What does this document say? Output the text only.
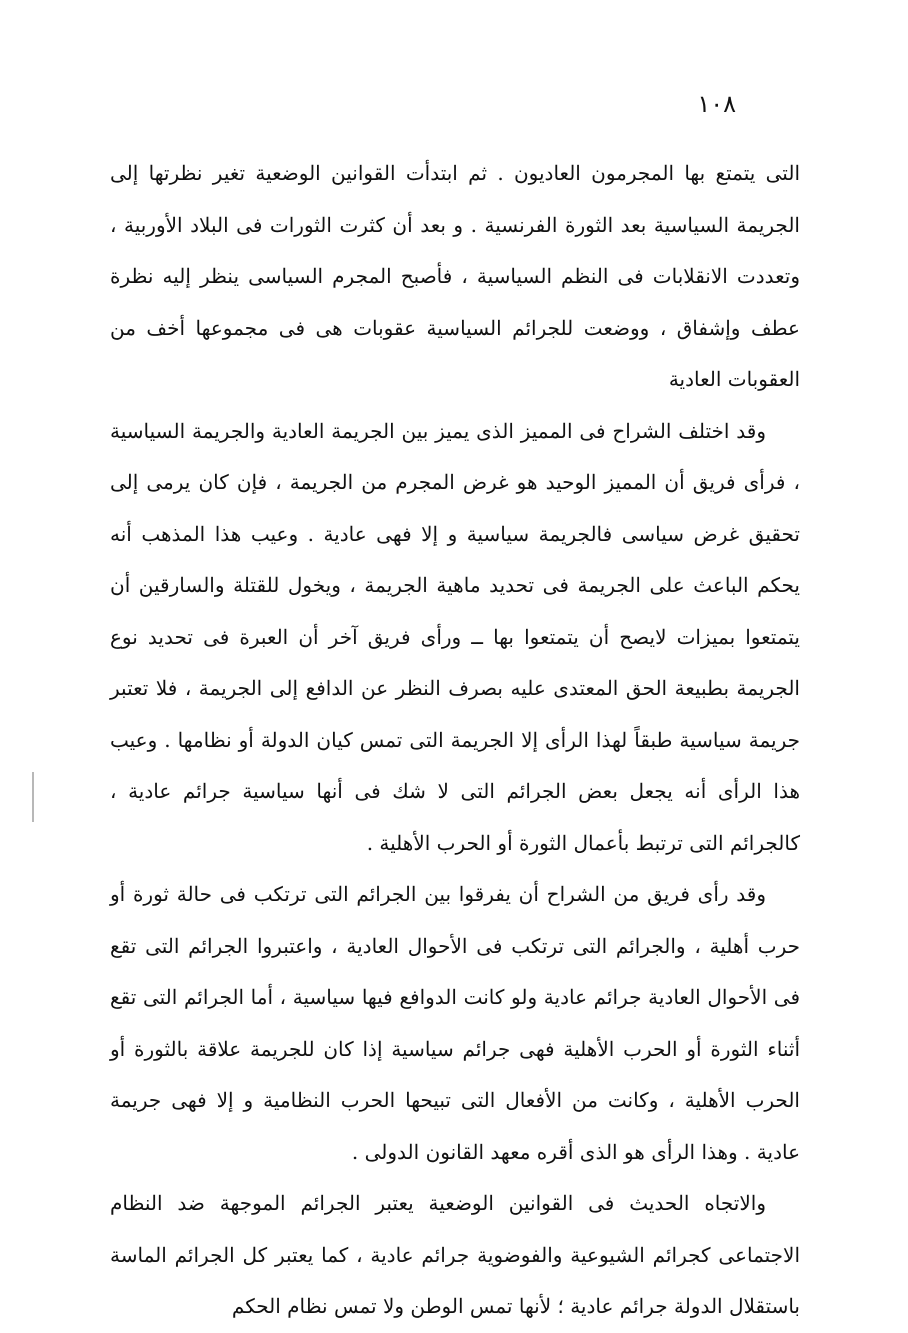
١٠٨

التى يتمتع بها المجرمون العاديون . ثم ابتدأت القوانين الوضعية تغير نظرتها إلى الجريمة السياسية بعد الثورة الفرنسية . و بعد أن كثرت الثورات فى البلاد الأوربية ، وتعددت الانقلابات فى النظم السياسية ، فأصبح المجرم السياسى ينظر إليه نظرة عطف وإشفاق ، ووضعت للجرائم السياسية عقوبات هى فى مجموعها أخف من العقوبات العادية

وقد اختلف الشراح فى المميز الذى يميز بين الجريمة العادية والجريمة السياسية ، فرأى فريق أن المميز الوحيد هو غرض المجرم من الجريمة ، فإن كان يرمى إلى تحقيق غرض سياسى فالجريمة سياسية و إلا فهى عادية . وعيب هذا المذهب أنه يحكم الباعث على الجريمة فى تحديد ماهية الجريمة ، ويخول للقتلة والسارقين أن يتمتعوا بميزات لايصح أن يتمتعوا بها ــ ورأى فريق آخر أن العبرة فى تحديد نوع الجريمة بطبيعة الحق المعتدى عليه بصرف النظر عن الدافع إلى الجريمة ، فلا تعتبر جريمة سياسية طبقاً لهذا الرأى إلا الجريمة التى تمس كيان الدولة أو نظامها . وعيب هذا الرأى أنه يجعل بعض الجرائم التى لا شك فى أنها سياسية جرائم عادية ، كالجرائم التى ترتبط بأعمال الثورة أو الحرب الأهلية .

وقد رأى فريق من الشراح أن يفرقوا بين الجرائم التى ترتكب فى حالة ثورة أو حرب أهلية ، والجرائم التى ترتكب فى الأحوال العادية ، واعتبروا الجرائم التى تقع فى الأحوال العادية جرائم عادية ولو كانت الدوافع فيها سياسية ، أما الجرائم التى تقع أثناء الثورة أو الحرب الأهلية فهى جرائم سياسية إذا كان للجريمة علاقة بالثورة أو الحرب الأهلية ، وكانت من الأفعال التى تبيحها الحرب النظامية و إلا فهى جريمة عادية . وهذا الرأى هو الذى أقره معهد القانون الدولى .

والاتجاه الحديث فى القوانين الوضعية يعتبر الجرائم الموجهة ضد النظام الاجتماعى كجرائم الشيوعية والفوضوية جرائم عادية ، كما يعتبر كل الجرائم الماسة باستقلال الدولة جرائم عادية ؛ لأنها تمس الوطن ولا تمس نظام الحكم
